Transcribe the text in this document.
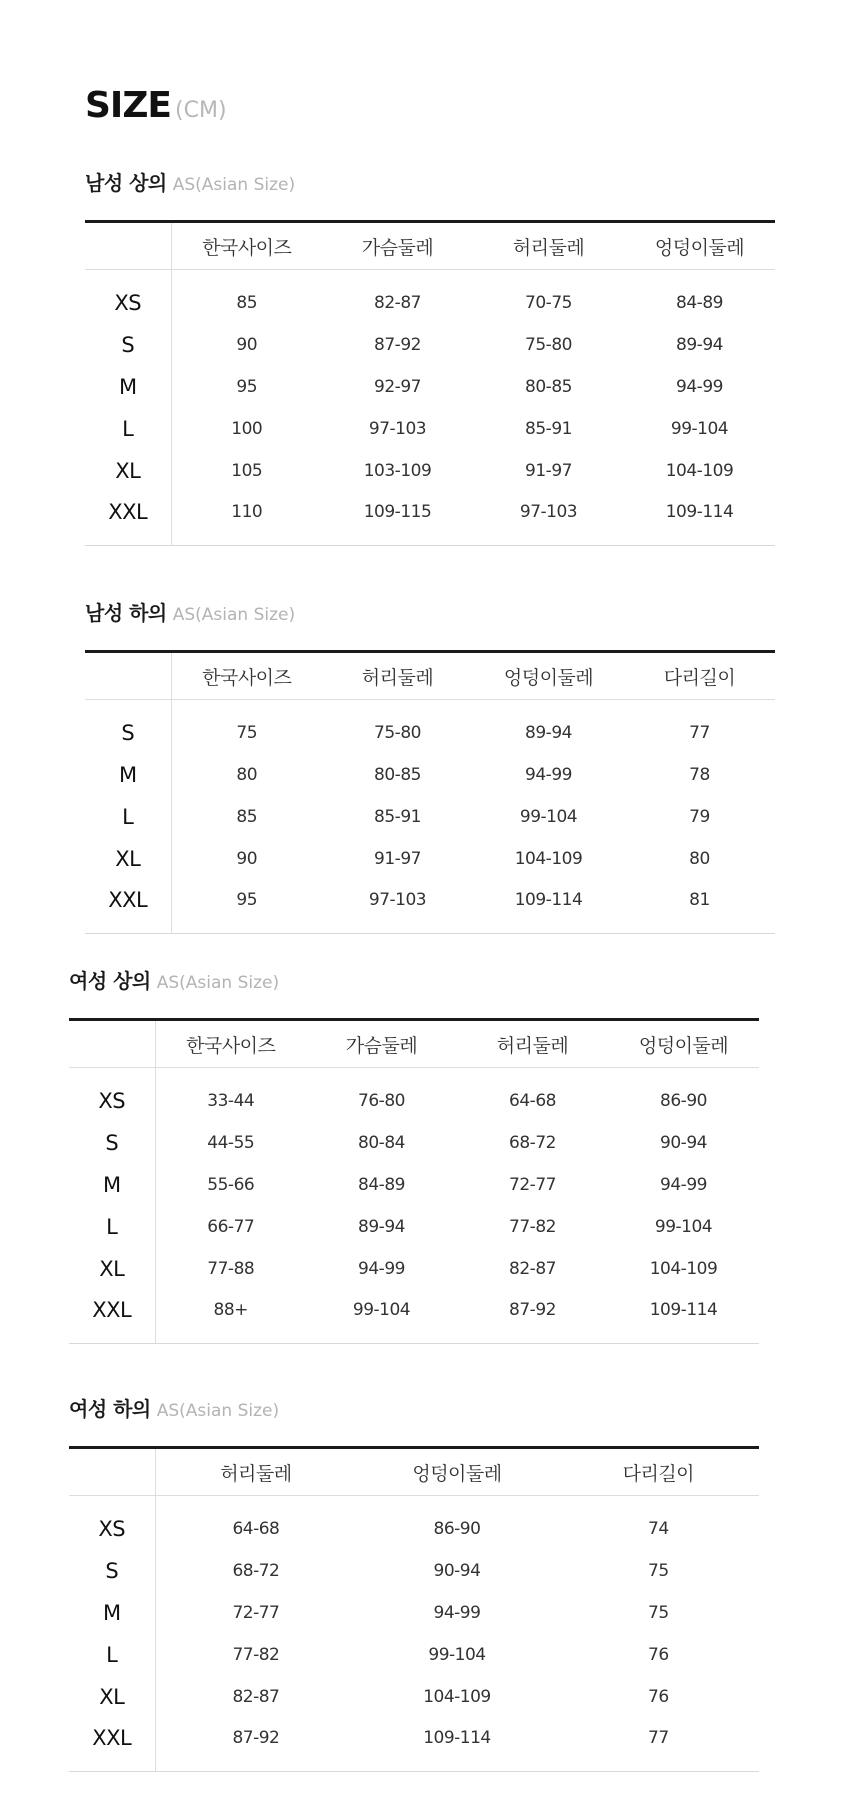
SIZE (CM)
남성 상의 AS(Asian Size)
	한국사이즈	가슴둘레	허리둘레	엉덩이둘레
XS	85	82-87	70-75	84-89
S	90	87-92	75-80	89-94
M	95	92-97	80-85	94-99
L	100	97-103	85-91	99-104
XL	105	103-109	91-97	104-109
XXL	110	109-115	97-103	109-114
남성 하의 AS(Asian Size)
	한국사이즈	허리둘레	엉덩이둘레	다리길이
S	75	75-80	89-94	77
M	80	80-85	94-99	78
L	85	85-91	99-104	79
XL	90	91-97	104-109	80
XXL	95	97-103	109-114	81
여성 상의 AS(Asian Size)
	한국사이즈	가슴둘레	허리둘레	엉덩이둘레
XS	33-44	76-80	64-68	86-90
S	44-55	80-84	68-72	90-94
M	55-66	84-89	72-77	94-99
L	66-77	89-94	77-82	99-104
XL	77-88	94-99	82-87	104-109
XXL	88+	99-104	87-92	109-114
여성 하의 AS(Asian Size)
	허리둘레	엉덩이둘레	다리길이
XS	64-68	86-90	74
S	68-72	90-94	75
M	72-77	94-99	75
L	77-82	99-104	76
XL	82-87	104-109	76
XXL	87-92	109-114	77
